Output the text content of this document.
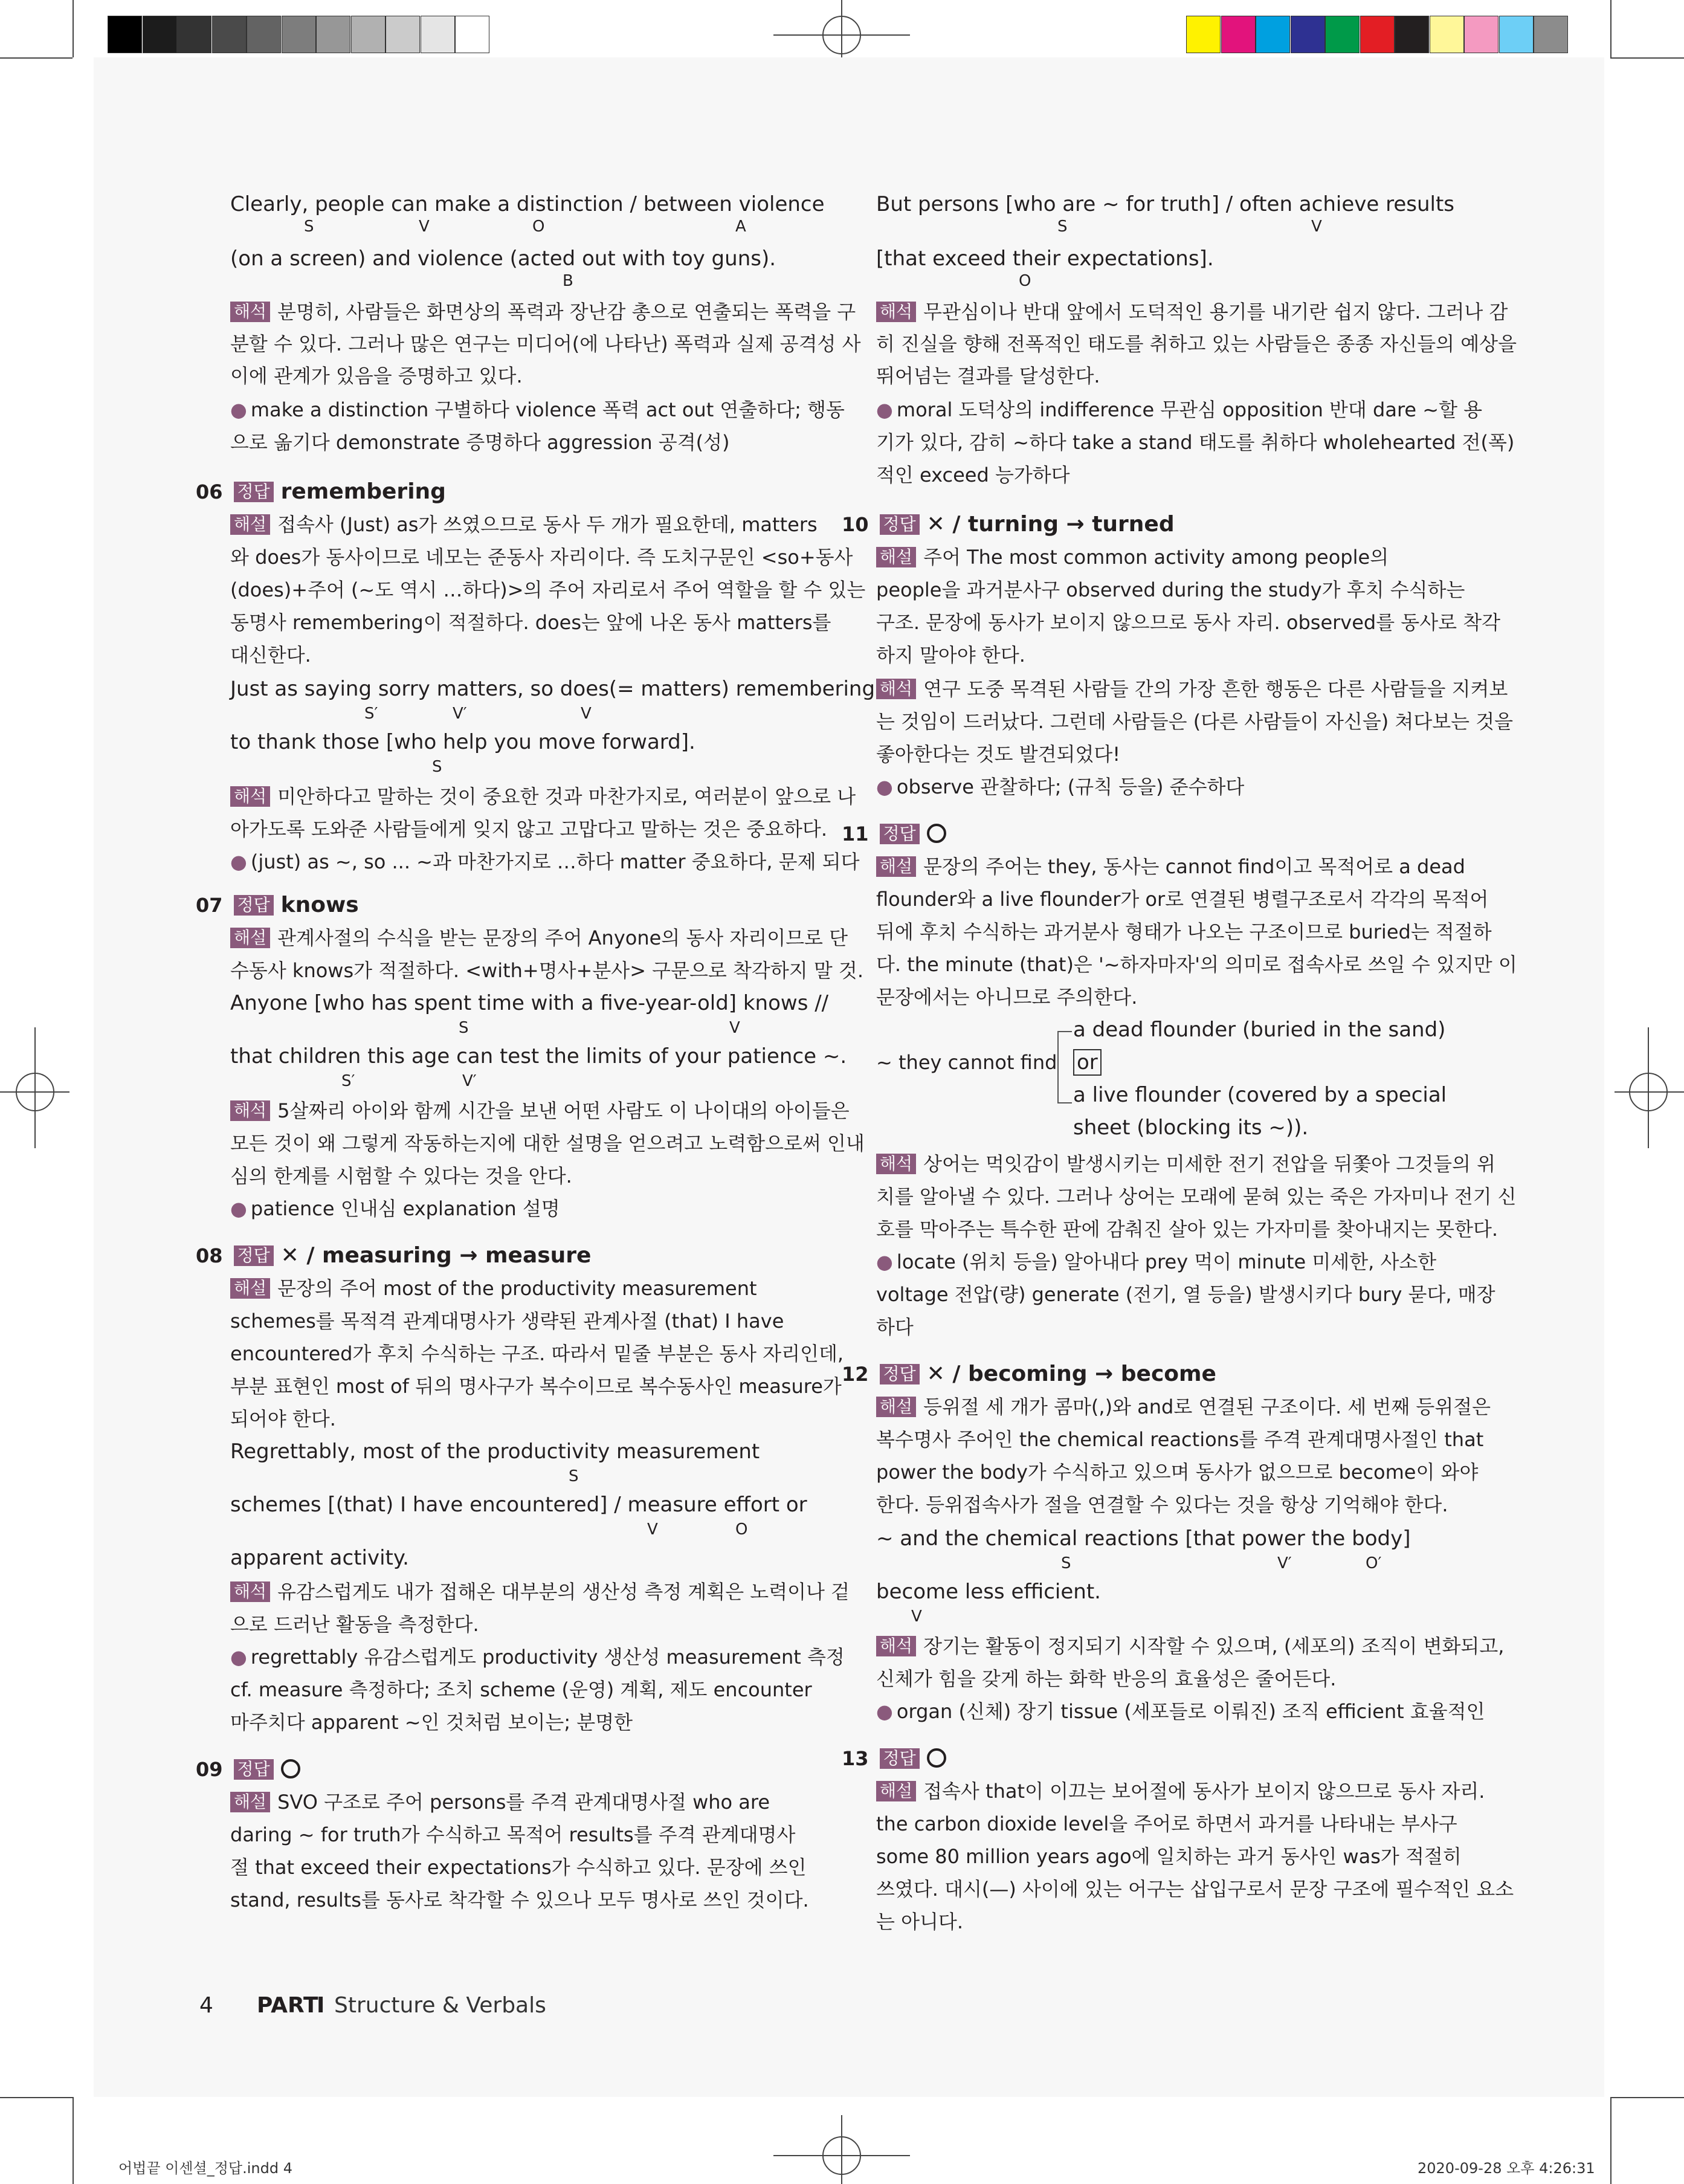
Clearly, people can make a distinction / between violence
S	V	O	A
(on a screen) and violence (acted out with toy guns).
B
해석 분명히, 사람들은 화면상의 폭력과 장난감 총으로 연출되는 폭력을 구
분할 수 있다. 그러나 많은 연구는 미디어(에 나타난) 폭력과 실제 공격성 사
이에 관계가 있음을 증명하고 있다.
● make a distinction 구별하다 violence 폭력 act out 연출하다; 행동
으로 옮기다 demonstrate 증명하다 aggression 공격(성)
06 정답 remembering
해설 접속사 (Just) as가 쓰였으므로 동사 두 개가 필요한데, matters
와 does가 동사이므로 네모는 준동사 자리이다. 즉 도치구문인 <so+동사
(does)+주어 (~도 역시 …하다)>의 주어 자리로서 주어 역할을 할 수 있는
동명사 remembering이 적절하다. does는 앞에 나온 동사 matters를
대신한다.
Just as saying sorry matters, so does(= matters) remembering
S′	V′	V
to thank those [who help you move forward].
S
해석 미안하다고 말하는 것이 중요한 것과 마찬가지로, 여러분이 앞으로 나
아가도록 도와준 사람들에게 잊지 않고 고맙다고 말하는 것은 중요하다.
● (just) as ~, so ... ~과 마찬가지로 …하다 matter 중요하다, 문제 되다
07 정답 knows
해설 관계사절의 수식을 받는 문장의 주어 Anyone의 동사 자리이므로 단
수동사 knows가 적절하다. <with+명사+분사> 구문으로 착각하지 말 것.
Anyone [who has spent time with a five-year-old] knows //
S	V
that children this age can test the limits of your patience ~.
S′	V′
해석 5살짜리 아이와 함께 시간을 보낸 어떤 사람도 이 나이대의 아이들은
모든 것이 왜 그렇게 작동하는지에 대한 설명을 얻으려고 노력함으로써 인내
심의 한계를 시험할 수 있다는 것을 안다.
● patience 인내심 explanation 설명
08 정답 ✕ / measuring → measure
해설 문장의 주어 most of the productivity measurement
schemes를 목적격 관계대명사가 생략된 관계사절 (that) I have
encountered가 후치 수식하는 구조. 따라서 밑줄 부분은 동사 자리인데,
부분 표현인 most of 뒤의 명사구가 복수이므로 복수동사인 measure가
되어야 한다.
Regrettably, most of the productivity measurement
S
schemes [(that) I have encountered] / measure effort or
V	O
apparent activity.
해석 유감스럽게도 내가 접해온 대부분의 생산성 측정 계획은 노력이나 겉
으로 드러난 활동을 측정한다.
● regrettably 유감스럽게도 productivity 생산성 measurement 측정
cf. measure 측정하다; 조치 scheme (운영) 계획, 제도 encounter
마주치다 apparent ~인 것처럼 보이는; 분명한
09 정답
해설 SVO 구조로 주어 persons를 주격 관계대명사절 who are
daring ~ for truth가 수식하고 목적어 results를 주격 관계대명사
절 that exceed their expectations가 수식하고 있다. 문장에 쓰인
stand, results를 동사로 착각할 수 있으나 모두 명사로 쓰인 것이다.
But persons [who are ~ for truth] / often achieve results
S	V
[that exceed their expectations].
O
해석 무관심이나 반대 앞에서 도덕적인 용기를 내기란 쉽지 않다. 그러나 감
히 진실을 향해 전폭적인 태도를 취하고 있는 사람들은 종종 자신들의 예상을
뛰어넘는 결과를 달성한다.
● moral 도덕상의 indifference 무관심 opposition 반대 dare ~할 용
기가 있다, 감히 ~하다 take a stand 태도를 취하다 wholehearted 전(폭)
적인 exceed 능가하다
10 정답 ✕ / turning → turned
해설 주어 The most common activity among people의
people을 과거분사구 observed during the study가 후치 수식하는
구조. 문장에 동사가 보이지 않으므로 동사 자리. observed를 동사로 착각
하지 말아야 한다.
해석 연구 도중 목격된 사람들 간의 가장 흔한 행동은 다른 사람들을 지켜보
는 것임이 드러났다. 그런데 사람들은 (다른 사람들이 자신을) 쳐다보는 것을
좋아한다는 것도 발견되었다!
● observe 관찰하다; (규칙 등을) 준수하다
11 정답
해설 문장의 주어는 they, 동사는 cannot find이고 목적어로 a dead
flounder와 a live flounder가 or로 연결된 병렬구조로서 각각의 목적어
뒤에 후치 수식하는 과거분사 형태가 나오는 구조이므로 buried는 적절하
다. the minute (that)은 '~하자마자'의 의미로 접속사로 쓰일 수 있지만 이
문장에서는 아니므로 주의한다.
~ they cannot find
a dead flounder (buried in the sand)
or
a live flounder (covered by a special
sheet (blocking its ~)).
해석 상어는 먹잇감이 발생시키는 미세한 전기 전압을 뒤쫓아 그것들의 위
치를 알아낼 수 있다. 그러나 상어는 모래에 묻혀 있는 죽은 가자미나 전기 신
호를 막아주는 특수한 판에 감춰진 살아 있는 가자미를 찾아내지는 못한다.
● locate (위치 등을) 알아내다 prey 먹이 minute 미세한, 사소한
voltage 전압(량) generate (전기, 열 등을) 발생시키다 bury 묻다, 매장
하다
12 정답 ✕ / becoming → become
해설 등위절 세 개가 콤마(,)와 and로 연결된 구조이다. 세 번째 등위절은
복수명사 주어인 the chemical reactions를 주격 관계대명사절인 that
power the body가 수식하고 있으며 동사가 없으므로 become이 와야
한다. 등위접속사가 절을 연결할 수 있다는 것을 항상 기억해야 한다.
~ and the chemical reactions [that power the body]
S	V′	O′
become less efficient.
V
해석 장기는 활동이 정지되기 시작할 수 있으며, (세포의) 조직이 변화되고,
신체가 힘을 갖게 하는 화학 반응의 효율성은 줄어든다.
● organ (신체) 장기 tissue (세포들로 이뤄진) 조직 efficient 효율적인
13 정답
해설 접속사 that이 이끄는 보어절에 동사가 보이지 않으므로 동사 자리.
the carbon dioxide level을 주어로 하면서 과거를 나타내는 부사구
some 80 million years ago에 일치하는 과거 동사인 was가 적절히
쓰였다. 대시(—) 사이에 있는 어구는 삽입구로서 문장 구조에 필수적인 요소
는 아니다.
4 PART
I Structure & Verbals
어법끝 이센셜_정답.indd 4	2020-09-28 오후 4:26:31
